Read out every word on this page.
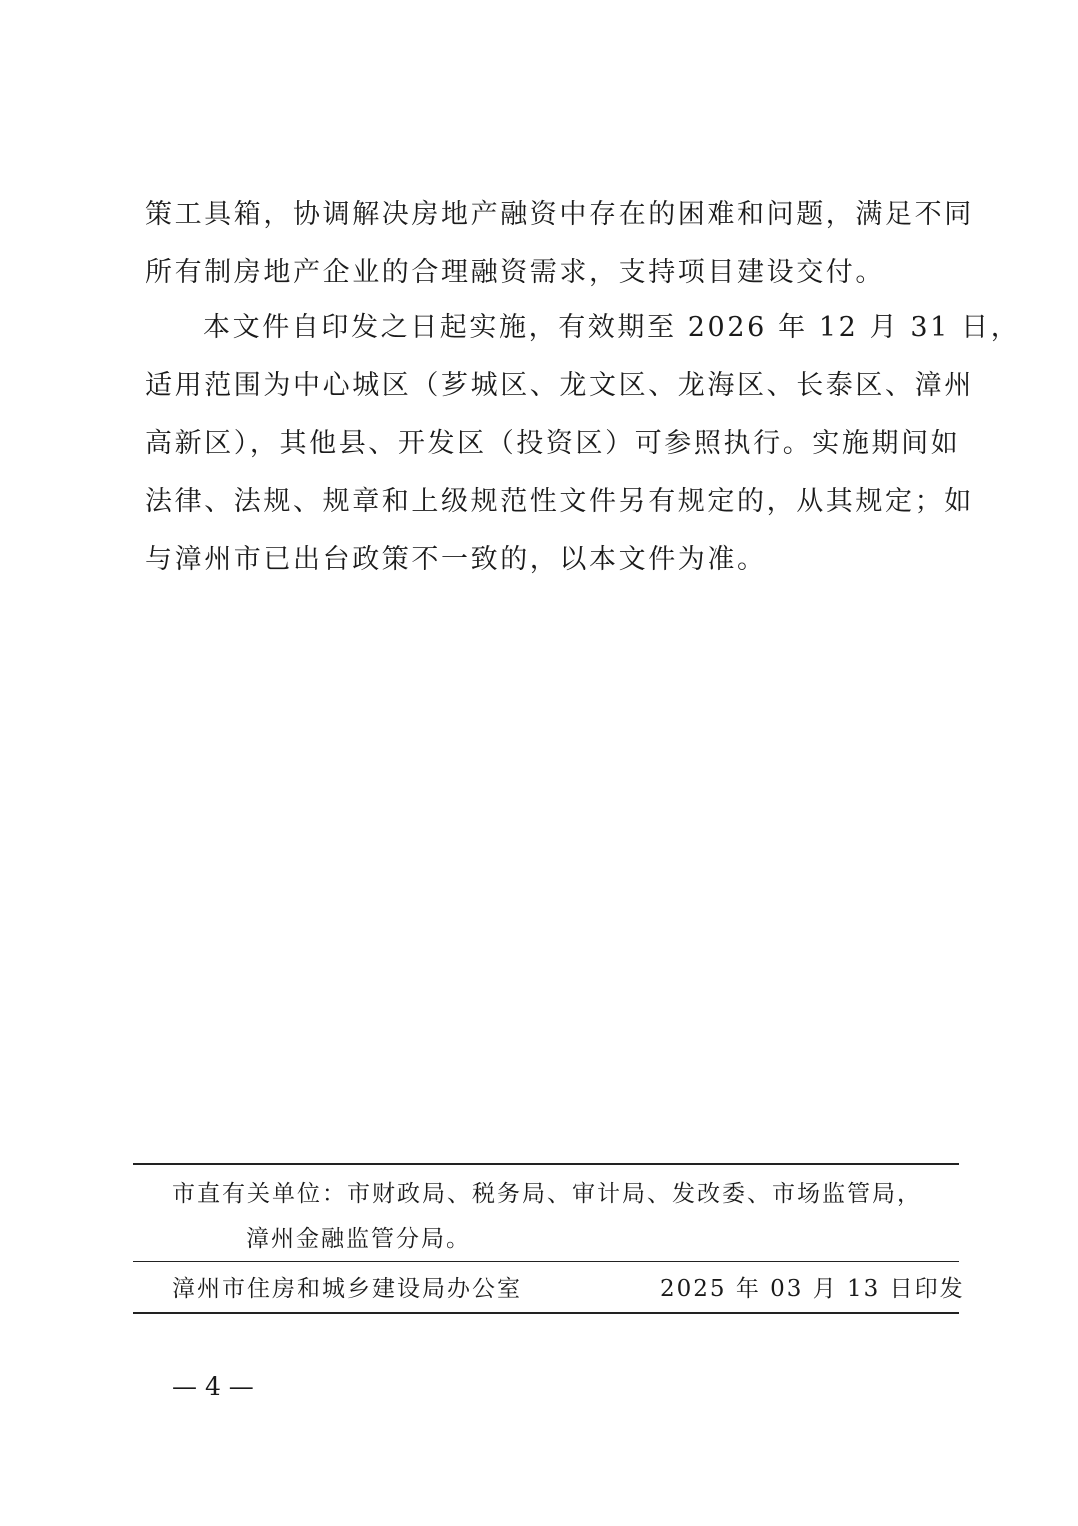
策工具箱，协调解决房地产融资中存在的困难和问题，满足不同
所有制房地产企业的合理融资需求，支持项目建设交付。
本文件自印发之日起实施，有效期至 2026 年 12 月 31 日，
适用范围为中心城区（芗城区、龙文区、龙海区、长泰区、漳州
高新区），其他县、开发区（投资区）可参照执行。实施期间如
法律、法规、规章和上级规范性文件另有规定的，从其规定；如
与漳州市已出台政策不一致的，以本文件为准。
市直有关单位：市财政局、税务局、审计局、发改委、市场监管局，
漳州金融监管分局。
漳州市住房和城乡建设局办公室	2025 年 03 月 13 日印发
— 4 —
